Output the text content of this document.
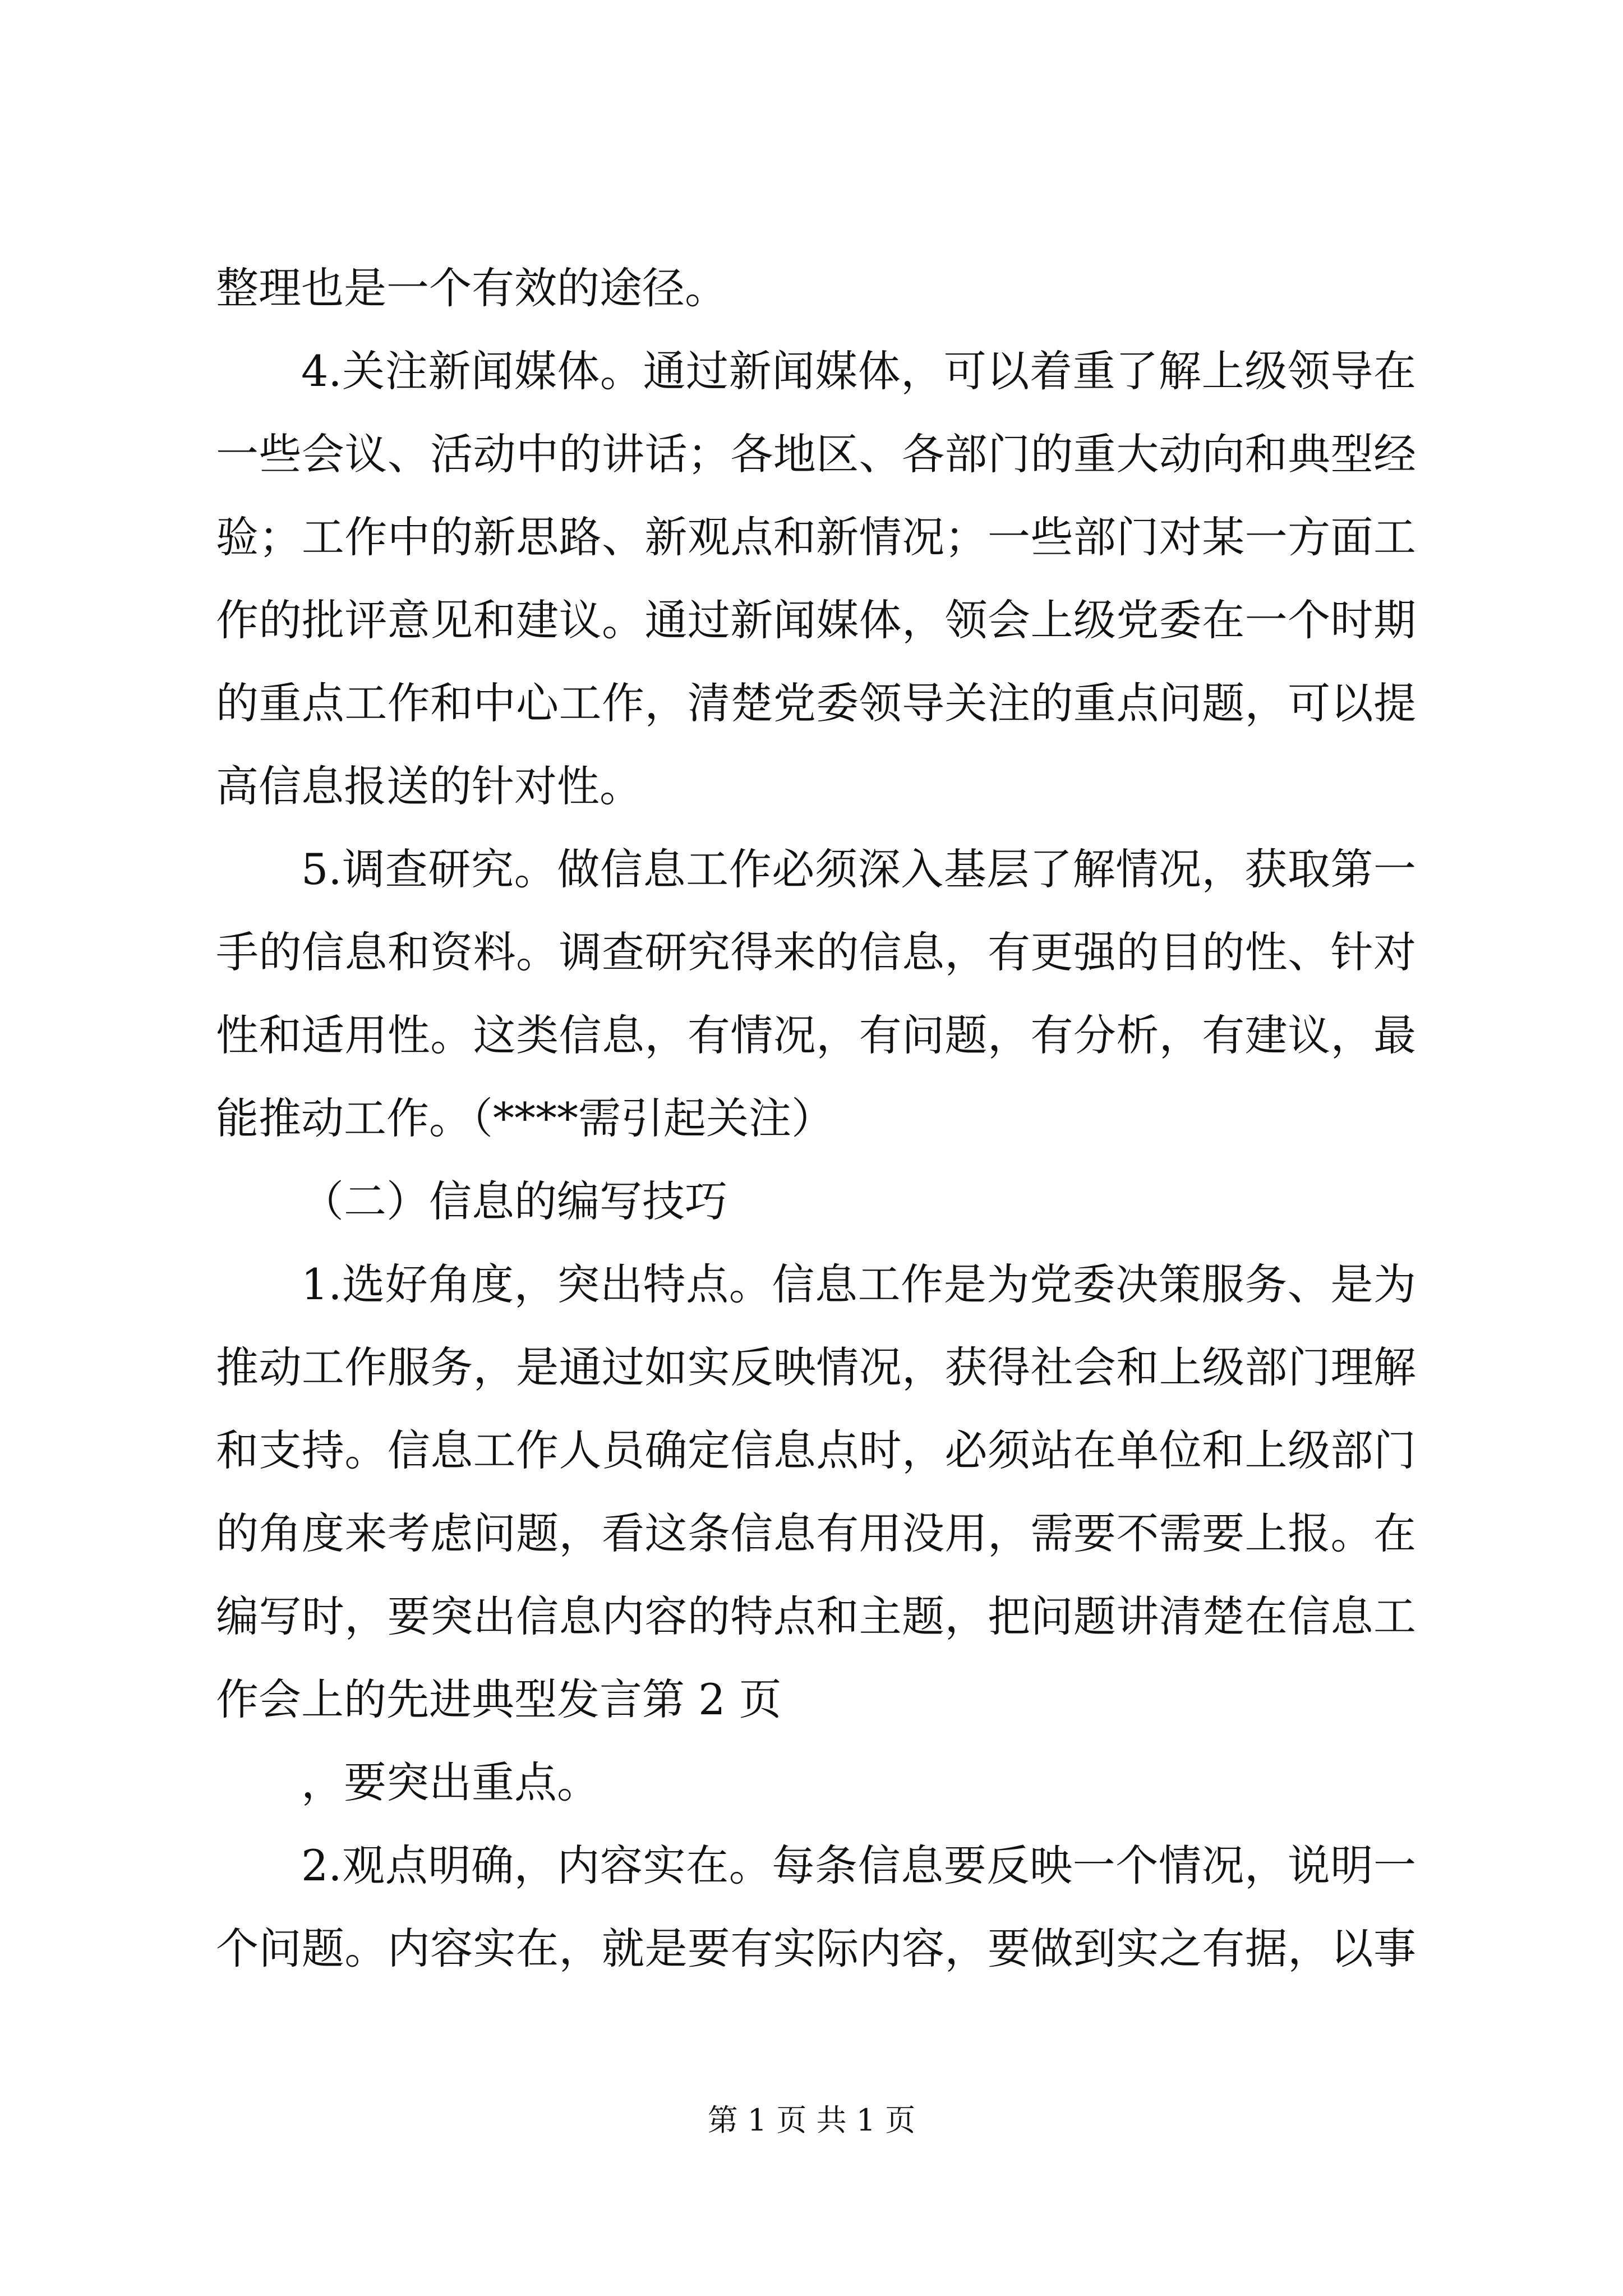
整理也是一个有效的途径。
4.关注新闻媒体。通过新闻媒体，可以着重了解上级领导在
一些会议、活动中的讲话；各地区、各部门的重大动向和典型经
验；工作中的新思路、新观点和新情况；一些部门对某一方面工
作的批评意见和建议。通过新闻媒体，领会上级党委在一个时期
的重点工作和中心工作，清楚党委领导关注的重点问题，可以提
高信息报送的针对性。
5.调查研究。做信息工作必须深入基层了解情况，获取第一
手的信息和资料。调查研究得来的信息，有更强的目的性、针对
性和适用性。这类信息，有情况，有问题，有分析，有建议，最
能推动工作。（****需引起关注）
（二）信息的编写技巧
1.选好角度，突出特点。信息工作是为党委决策服务、是为
推动工作服务，是通过如实反映情况，获得社会和上级部门理解
和支持。信息工作人员确定信息点时，必须站在单位和上级部门
的角度来考虑问题，看这条信息有用没用，需要不需要上报。在
编写时，要突出信息内容的特点和主题，把问题讲清楚在信息工
作会上的先进典型发言第 2 页
，要突出重点。
2.观点明确，内容实在。每条信息要反映一个情况，说明一
个问题。内容实在，就是要有实际内容，要做到实之有据，以事
第 1 页 共 1 页
